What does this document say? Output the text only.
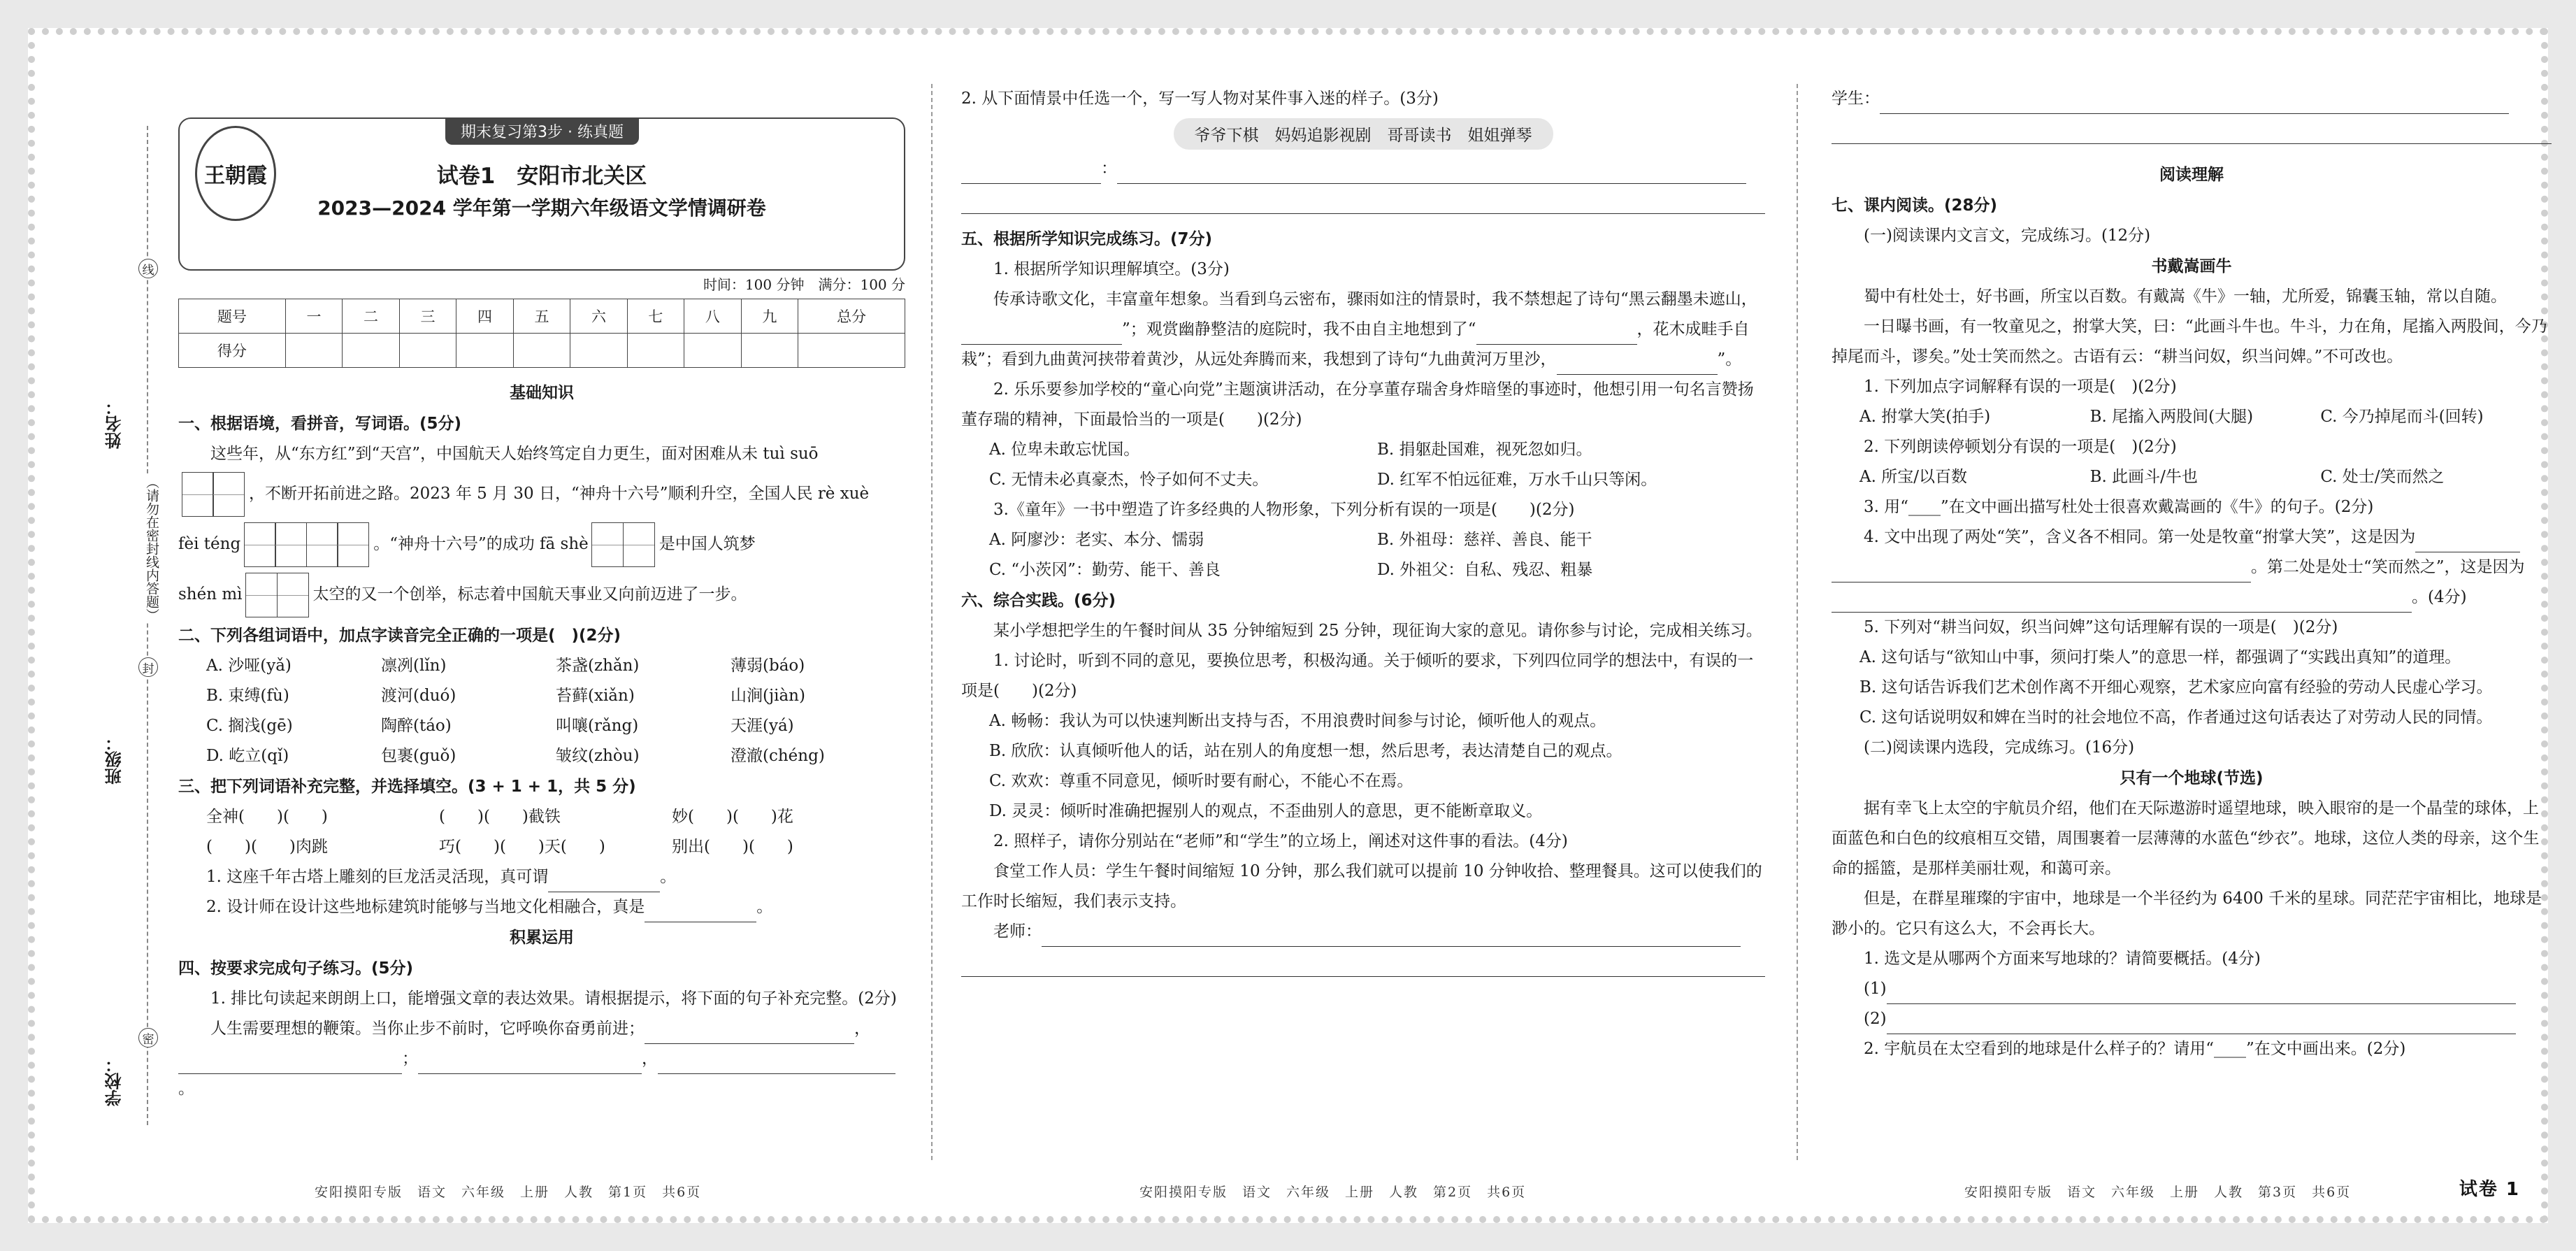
线
姓名：
（请勿在密封线内答题）
封
班级：
密
学校：
期末复习第3步 · 练真题
王朝霞	试卷1　安阳市北关区
2023—2024 学年第一学期六年级语文学情调研卷
时间：100 分钟　满分：100 分
题号	一	二	三	四	五	六	七	八	九	总分
得分										

基础知识

一、根据语境，看拼音，写词语。(5分)

这些年，从“东方红”到“天宫”，中国航天人始终笃定自力更生，面对困难从未 tuì suō

，不断开拓前进之路。2023 年 5 月 30 日，“神舟十六号”顺利升空，全国人民 rè xuè
fèi téng	。“神舟十六号”的成功 fā shè	是中国人筑梦
shén mì	太空的又一个创举，标志着中国航天事业又向前迈进了一步。

二、下列各组词语中，加点字读音完全正确的一项是(　)(2分)

A. 沙哑(yǎ)	凛冽(lǐn)	茶盏(zhǎn)	薄弱(báo)
B. 束缚(fù)	渡河(duó)	苔藓(xiǎn)	山涧(jiàn)
C. 搁浅(gē)	陶醉(táo)	叫嚷(rǎng)	天涯(yá)
D. 屹立(qǐ)	包裹(guǒ)	皱纹(zhòu)	澄澈(chéng)

三、把下列词语补充完整，并选择填空。(3 + 1 + 1，共 5 分)

全神(　　)(　　)	(　　)(　　)截铁	妙(　　)(　　)花
(　　)(　　)肉跳	巧(　　)(　　)天(　　)	别出(　　)(　　)

1. 这座千年古塔上雕刻的巨龙活灵活现，真可谓	。

2. 设计师在设计这些地标建筑时能够与当地文化相融合，真是	。

积累运用

四、按要求完成句子练习。(5分)

1. 排比句读起来朗朗上口，能增强文章的表达效果。请根据提示，将下面的句子补充完整。(2分)

人生需要理想的鞭策。当你止步不前时，它呼唤你奋勇前进；	，

；	，。

2. 从下面情景中任选一个，写一写人物对某件事入迷的样子。(3分)

爷爷下棋　妈妈追影视剧　哥哥读书　姐姐弹琴

：

五、根据所学知识完成练习。(7分)

1. 根据所学知识理解填空。(3分)

传承诗歌文化，丰富童年想象。当看到乌云密布，骤雨如注的情景时，我不禁想起了诗句“黑云翻墨未遮山，”；观赏幽静整洁的庭院时，我不由自主地想到了“	，花木成畦手自栽”；看到九曲黄河挟带着黄沙，从远处奔腾而来，我想到了诗句“九曲黄河万里沙，	”。

2. 乐乐要参加学校的“童心向党”主题演讲活动，在分享董存瑞舍身炸暗堡的事迹时，他想引用一句名言赞扬董存瑞的精神，下面最恰当的一项是(　　)(2分)

A. 位卑未敢忘忧国。	B. 捐躯赴国难，视死忽如归。
C. 无情未必真豪杰，怜子如何不丈夫。	D. 红军不怕远征难，万水千山只等闲。

3.《童年》一书中塑造了许多经典的人物形象，下列分析有误的一项是(　　)(2分)

A. 阿廖沙：老实、本分、懦弱	B. 外祖母：慈祥、善良、能干
C. “小茨冈”：勤劳、能干、善良	D. 外祖父：自私、残忍、粗暴

六、综合实践。(6分)

某小学想把学生的午餐时间从 35 分钟缩短到 25 分钟，现征询大家的意见。请你参与讨论，完成相关练习。

1. 讨论时，听到不同的意见，要换位思考，积极沟通。关于倾听的要求，下列四位同学的想法中，有误的一项是(　　)(2分)

A. 畅畅：我认为可以快速判断出支持与否，不用浪费时间参与讨论，倾听他人的观点。
B. 欣欣：认真倾听他人的话，站在别人的角度想一想，然后思考，表达清楚自己的观点。
C. 欢欢：尊重不同意见，倾听时要有耐心，不能心不在焉。
D. 灵灵：倾听时准确把握别人的观点，不歪曲别人的意思，更不能断章取义。

2. 照样子，请你分别站在“老师”和“学生”的立场上，阐述对这件事的看法。(4分)

食堂工作人员：学生午餐时间缩短 10 分钟，那么我们就可以提前 10 分钟收拾、整理餐具。这可以使我们的工作时长缩短，我们表示支持。

老师：

学生：

阅读理解

七、课内阅读。(28分)

(一)阅读课内文言文，完成练习。(12分)

书戴嵩画牛

蜀中有杜处士，好书画，所宝以百数。有戴嵩《牛》一轴，尤所爱，锦囊玉轴，常以自随。

一日曝书画，有一牧童见之，拊掌大笑，曰：“此画斗牛也。牛斗，力在角，尾搐入两股间，今乃掉尾而斗，谬矣。”处士笑而然之。古语有云：“耕当问奴，织当问婢。”不可改也。

1. 下列加点字词解释有误的一项是(　)(2分)

A. 拊掌大笑(拍手)	B. 尾搐入两股间(大腿)	C. 今乃掉尾而斗(回转)

2. 下列朗读停顿划分有误的一项是(　)(2分)

A. 所宝/以百数	B. 此画斗/牛也	C. 处士/笑而然之

3. 用“____”在文中画出描写杜处士很喜欢戴嵩画的《牛》的句子。(2分)

4. 文中出现了两处“笑”，含义各不相同。第一处是牧童“拊掌大笑”，这是因为。第二处是处士“笑而然之”，这是因为。(4分)

5. 下列对“耕当问奴，织当问婢”这句话理解有误的一项是(　)(2分)

A. 这句话与“欲知山中事，须问打柴人”的意思一样，都强调了“实践出真知”的道理。
B. 这句话告诉我们艺术创作离不开细心观察，艺术家应向富有经验的劳动人民虚心学习。
C. 这句话说明奴和婢在当时的社会地位不高，作者通过这句话表达了对劳动人民的同情。

(二)阅读课内选段，完成练习。(16分)

只有一个地球(节选)

据有幸飞上太空的宇航员介绍，他们在天际遨游时遥望地球，映入眼帘的是一个晶莹的球体，上面蓝色和白色的纹痕相互交错，周围裹着一层薄薄的水蓝色“纱衣”。地球，这位人类的母亲，这个生命的摇篮，是那样美丽壮观，和蔼可亲。

但是，在群星璀璨的宇宙中，地球是一个半径约为 6400 千米的星球。同茫茫宇宙相比，地球是渺小的。它只有这么大，不会再长大。

1. 选文是从哪两个方面来写地球的？请简要概括。(4分)

(1)

(2)

2. 宇航员在太空看到的地球是什么样子的？请用“____”在文中画出来。(2分)

安阳摸阳专版　语文　六年级　上册　人教　第1页　共6页	安阳摸阳专版　语文　六年级　上册　人教　第2页　共6页	安阳摸阳专版　语文　六年级　上册　人教　第3页　共6页	试卷 1
